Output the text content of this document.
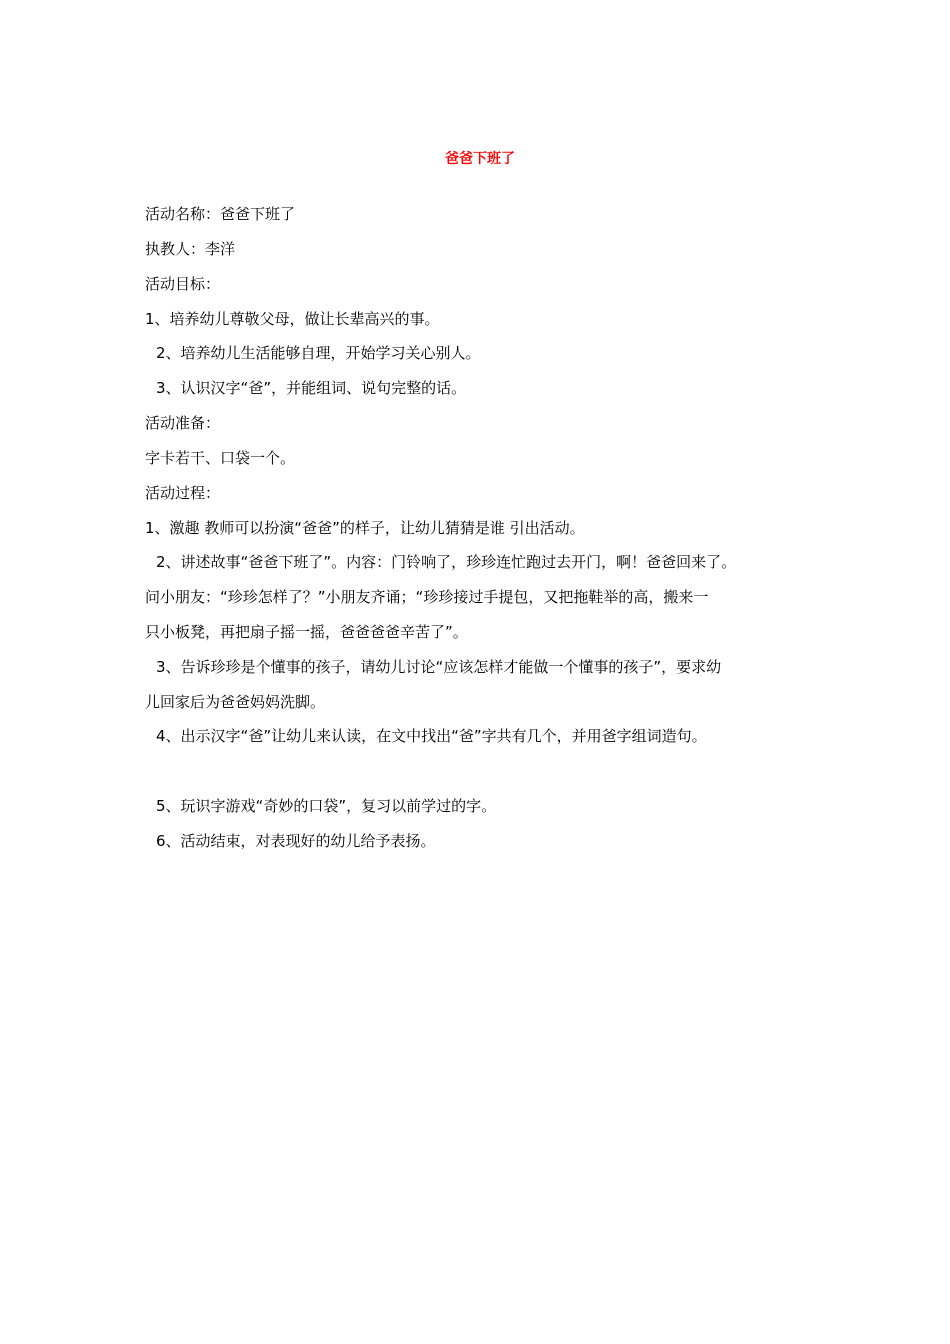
爸爸下班了
活动名称：爸爸下班了
执教人：李洋
活动目标：
1、培养幼儿尊敬父母，做让长辈高兴的事。
2、培养幼儿生活能够自理，开始学习关心别人。
3、认识汉字“爸”，并能组词、说句完整的话。
活动准备：
字卡若干、口袋一个。
活动过程：
1、激趣 教师可以扮演“爸爸”的样子，让幼儿猜猜是谁 引出活动。
2、讲述故事“爸爸下班了”。内容：门铃响了，珍珍连忙跑过去开门，啊！爸爸回来了。
问小朋友：“珍珍怎样了？”小朋友齐诵；“珍珍接过手提包，又把拖鞋举的高，搬来一
只小板凳，再把扇子摇一摇，爸爸爸爸辛苦了”。
3、告诉珍珍是个懂事的孩子，请幼儿讨论“应该怎样才能做一个懂事的孩子”，要求幼
儿回家后为爸爸妈妈洗脚。
4、出示汉字“爸”让幼儿来认读，在文中找出“爸”字共有几个，并用爸字组词造句。
5、玩识字游戏“奇妙的口袋”，复习以前学过的字。
6、活动结束，对表现好的幼儿给予表扬。
